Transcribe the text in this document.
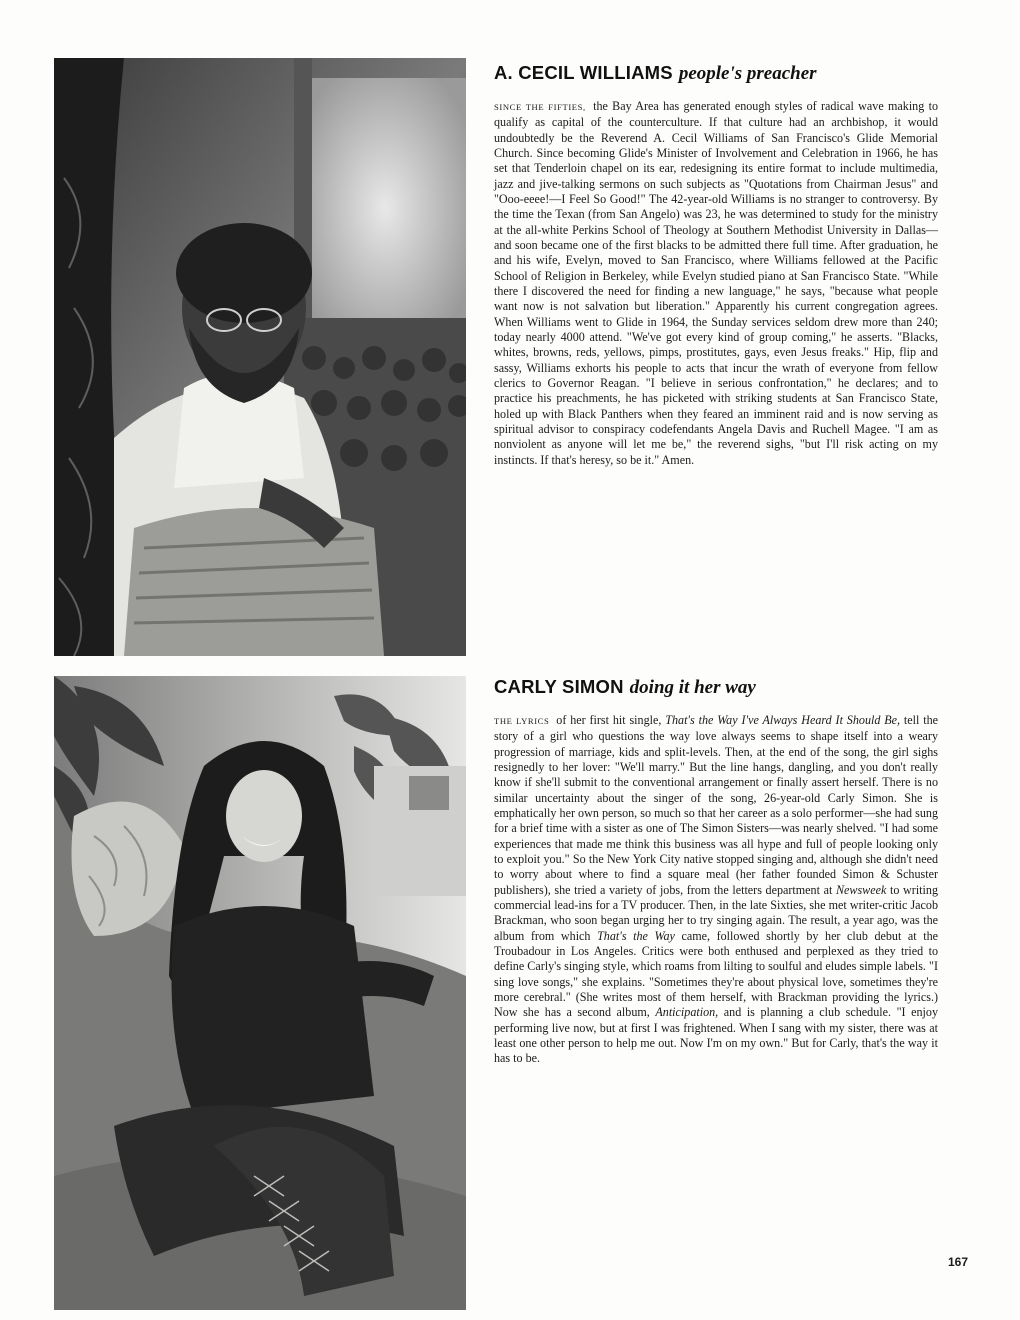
A. CECIL WILLIAMS people's preacher

SINCE THE FIFTIES, the Bay Area has generated enough styles of radical wave making to qualify as capital of the counterculture. If that culture had an archbishop, it would undoubtedly be the Reverend A. Cecil Williams of San Francisco's Glide Memorial Church. Since becoming Glide's Minister of Involvement and Celebration in 1966, he has set that Tenderloin chapel on its ear, redesigning its entire format to include multimedia, jazz and jive-talking sermons on such subjects as "Quotations from Chairman Jesus" and "Ooo-eeee!—I Feel So Good!" The 42-year-old Williams is no stranger to controversy. By the time the Texan (from San Angelo) was 23, he was determined to study for the ministry at the all-white Perkins School of Theology at Southern Methodist University in Dallas—and soon became one of the first blacks to be admitted there full time. After graduation, he and his wife, Evelyn, moved to San Francisco, where Williams fellowed at the Pacific School of Religion in Berkeley, while Evelyn studied piano at San Francisco State. "While there I discovered the need for finding a new language," he says, "because what people want now is not salvation but liberation." Apparently his current congregation agrees. When Williams went to Glide in 1964, the Sunday services seldom drew more than 240; today nearly 4000 attend. "We've got every kind of group coming," he asserts. "Blacks, whites, browns, reds, yellows, pimps, prostitutes, gays, even Jesus freaks." Hip, flip and sassy, Williams exhorts his people to acts that incur the wrath of everyone from fellow clerics to Governor Reagan. "I believe in serious confrontation," he declares; and to practice his preachments, he has picketed with striking students at San Francisco State, holed up with Black Panthers when they feared an imminent raid and is now serving as spiritual advisor to conspiracy codefendants Angela Davis and Ruchell Magee. "I am as nonviolent as anyone will let me be," the reverend sighs, "but I'll risk acting on my instincts. If that's heresy, so be it." Amen.

CARLY SIMON doing it her way

THE LYRICS of her first hit single, That's the Way I've Always Heard It Should Be, tell the story of a girl who questions the way love always seems to shape itself into a weary progression of marriage, kids and split-levels. Then, at the end of the song, the girl sighs resignedly to her lover: "We'll marry." But the line hangs, dangling, and you don't really know if she'll submit to the conventional arrangement or finally assert herself. There is no similar uncertainty about the singer of the song, 26-year-old Carly Simon. She is emphatically her own person, so much so that her career as a solo performer—she had sung for a brief time with a sister as one of The Simon Sisters—was nearly shelved. "I had some experiences that made me think this business was all hype and full of people looking only to exploit you." So the New York City native stopped singing and, although she didn't need to worry about where to find a square meal (her father founded Simon & Schuster publishers), she tried a variety of jobs, from the letters department at Newsweek to writing commercial lead-ins for a TV producer. Then, in the late Sixties, she met writer-critic Jacob Brackman, who soon began urging her to try singing again. The result, a year ago, was the album from which That's the Way came, followed shortly by her club debut at the Troubadour in Los Angeles. Critics were both enthused and perplexed as they tried to define Carly's singing style, which roams from lilting to soulful and eludes simple labels. "I sing love songs," she explains. "Sometimes they're about physical love, sometimes they're more cerebral." (She writes most of them herself, with Brackman providing the lyrics.) Now she has a second album, Anticipation, and is planning a club schedule. "I enjoy performing live now, but at first I was frightened. When I sang with my sister, there was at least one other person to help me out. Now I'm on my own." But for Carly, that's the way it has to be.

167
